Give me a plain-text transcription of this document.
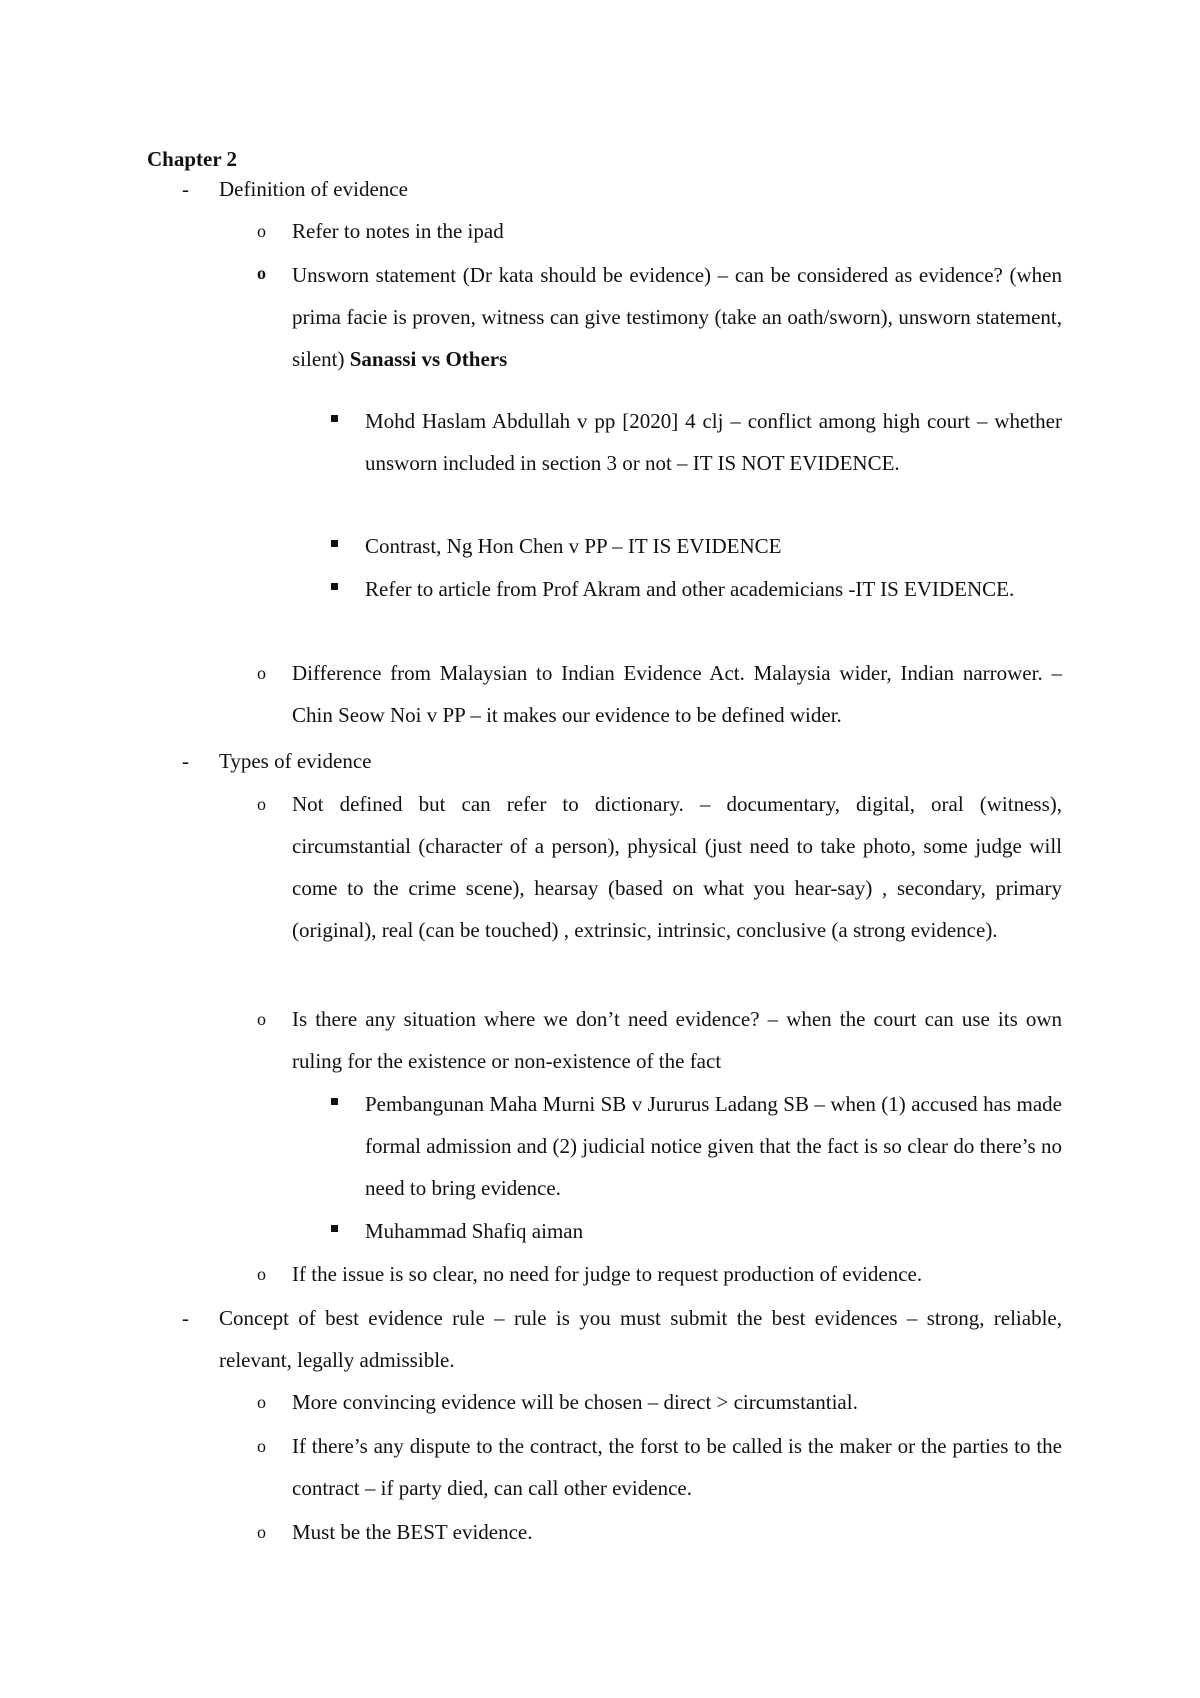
Chapter 2
- Definition of evidence
o Refer to notes in the ipad
o Unsworn statement (Dr kata should be evidence) – can be considered as evidence? (when prima facie is proven, witness can give testimony (take an oath/sworn), unsworn statement, silent) Sanassi vs Others
Mohd Haslam Abdullah v pp [2020] 4 clj – conflict among high court – whether unsworn included in section 3 or not – IT IS NOT EVIDENCE.
Contrast, Ng Hon Chen v PP – IT IS EVIDENCE
Refer to article from Prof Akram and other academicians -IT IS EVIDENCE.
o Difference from Malaysian to Indian Evidence Act. Malaysia wider, Indian narrower. – Chin Seow Noi v PP – it makes our evidence to be defined wider.
- Types of evidence
o Not defined but can refer to dictionary. – documentary, digital, oral (witness), circumstantial (character of a person), physical (just need to take photo, some judge will come to the crime scene), hearsay (based on what you hear-say) , secondary, primary (original), real (can be touched) , extrinsic, intrinsic, conclusive (a strong evidence).
o Is there any situation where we don’t need evidence? – when the court can use its own ruling for the existence or non-existence of the fact
Pembangunan Maha Murni SB v Jururus Ladang SB – when (1) accused has made formal admission and (2) judicial notice given that the fact is so clear do there’s no need to bring evidence.
Muhammad Shafiq aiman
o If the issue is so clear, no need for judge to request production of evidence.
- Concept of best evidence rule – rule is you must submit the best evidences – strong, reliable, relevant, legally admissible.
o More convincing evidence will be chosen – direct > circumstantial.
o If there’s any dispute to the contract, the forst to be called is the maker or the parties to the contract – if party died, can call other evidence.
o Must be the BEST evidence.
